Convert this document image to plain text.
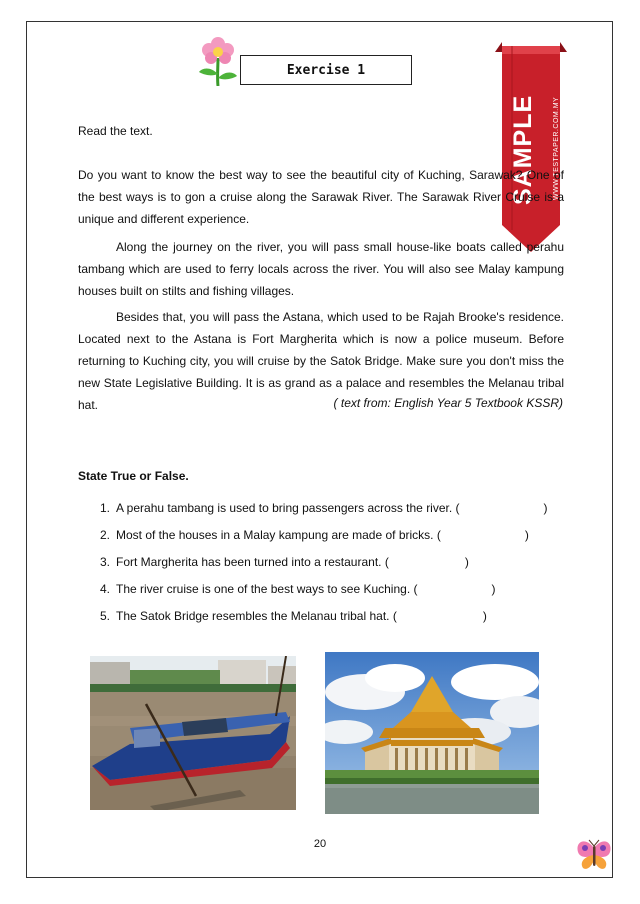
Exercise 1
SAMPLE WWW.TESTPAPER.COM.MY
Read the text.
Do you want to know the best way to see the beautiful city of Kuching, Sarawak? One of the best ways is to gon a cruise along the Sarawak River. The Sarawak River Cruise is a unique and different experience.
Along the journey on the river, you will pass small house-like boats called perahu tambang which are used to ferry locals across the river. You will also see Malay kampung houses built on stilts and fishing villages.
Besides that, you will pass the Astana, which used to be Rajah Brooke's residence. Located next to the Astana is Fort Margherita which is now a police museum. Before returning to Kuching city, you will cruise by the Satok Bridge. Make sure you don't miss the new State Legislative Building. It is as grand as a palace and resembles the Melanau tribal hat.	( text from: English Year 5 Textbook KSSR)
State True or False.
1. A perahu tambang is used to bring passengers across the river. (	)
2. Most of the houses in a Malay kampung are made of bricks. (	)
3. Fort Margherita has been turned into a restaurant. (	)
4. The river cruise is one of the best ways to see Kuching. (	)
5. The Satok Bridge resembles the Melanau tribal hat. (	)
20
